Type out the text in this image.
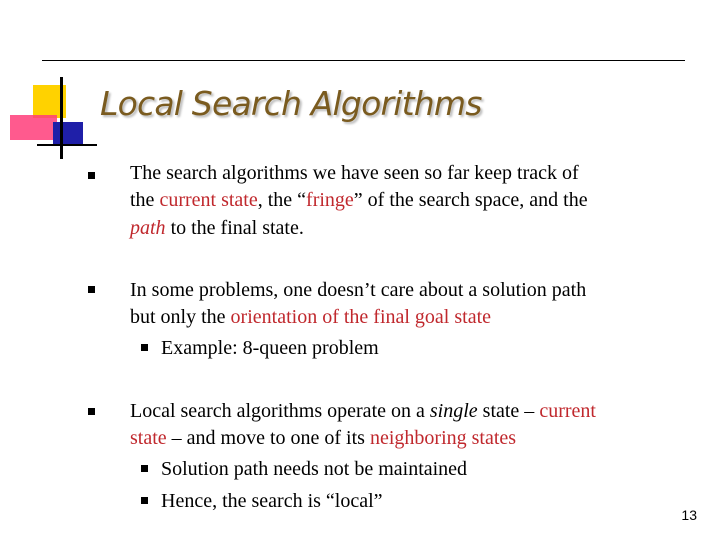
Local Search Algorithms
The search algorithms we have seen so far keep track of
the current state, the “fringe” of the search space, and the
path to the final state.
In some problems, one doesn’t care about a solution path
but only the orientation of the final goal state
Example: 8-queen problem
Local search algorithms operate on a single state – current
state – and move to one of its neighboring states
Solution path needs not be maintained
Hence, the search is “local”
13
